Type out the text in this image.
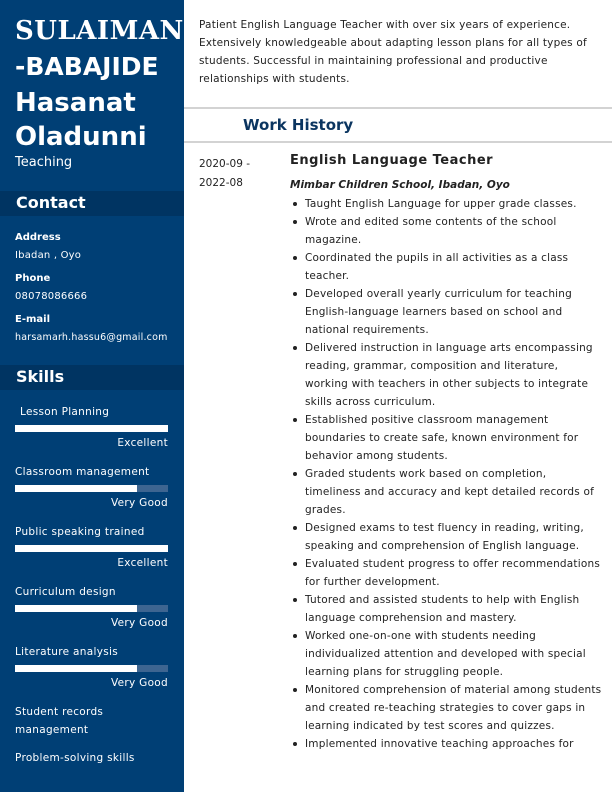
SULAIMAN
-BABAJIDE
Hasanat
Oladunni
Teaching
Contact
Address
Ibadan , Oyo
Phone
08078086666
E-mail
harsamarh.hassu6@gmail.com
Skills
Lesson Planning
Excellent
Classroom management
Very Good
Public speaking trained
Excellent
Curriculum design
Very Good
Literature analysis
Very Good
Student records management
Problem-solving skills
Patient English Language Teacher with over six years of experience. Extensively knowledgeable about adapting lesson plans for all types of students. Successful in maintaining professional and productive relationships with students.
Work History
2020-09 -
2022-08
English Language Teacher
Mimbar Children School, Ibadan, Oyo
Taught English Language for upper grade classes.
Wrote and edited some contents of the school magazine.
Coordinated the pupils in all activities as a class teacher.
Developed overall yearly curriculum for teaching English-language learners based on school and national requirements.
Delivered instruction in language arts encompassing reading, grammar, composition and literature, working with teachers in other subjects to integrate skills across curriculum.
Established positive classroom management boundaries to create safe, known environment for behavior among students.
Graded students work based on completion, timeliness and accuracy and kept detailed records of grades.
Designed exams to test fluency in reading, writing, speaking and comprehension of English language.
Evaluated student progress to offer recommendations for further development.
Tutored and assisted students to help with English language comprehension and mastery.
Worked one-on-one with students needing individualized attention and developed with special learning plans for struggling people.
Monitored comprehension of material among students and created re-teaching strategies to cover gaps in learning indicated by test scores and quizzes.
Implemented innovative teaching approaches for
